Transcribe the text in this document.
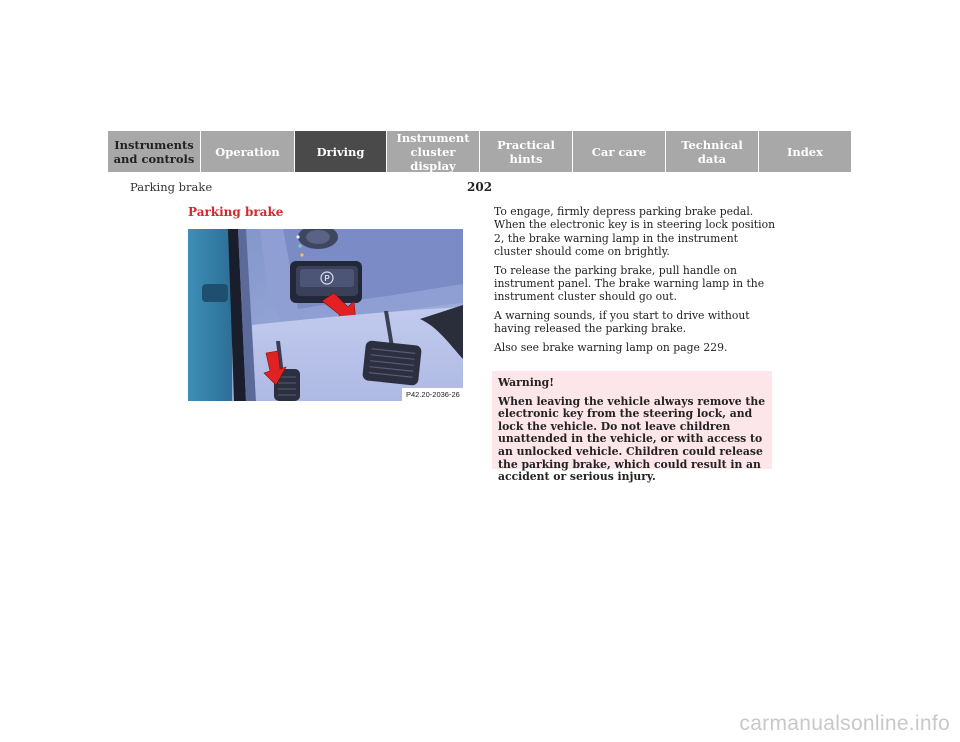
Instruments
and controls Operation	Driving
Instrument
cluster display
Practical hints	Car care	Technical
data	Index
Parking brake	202
Parking brake
P
P42.20-2036-26

To engage, firmly depress parking brake pedal. When the electronic key is in steering lock position 2, the brake warning lamp in the instrument cluster should come on brightly.

To release the parking brake, pull handle on instrument panel. The brake warning lamp in the instrument cluster should go out.

A warning sounds, if you start to drive without having released the parking brake.

Also see brake warning lamp on page 229.

Warning!
When leaving the vehicle always remove the electronic key from the steering lock, and lock the vehicle. Do not leave children unattended in the vehicle, or with access to an unlocked vehicle. Children could release the parking brake, which could result in an accident or serious injury.
carmanualsonline.info
